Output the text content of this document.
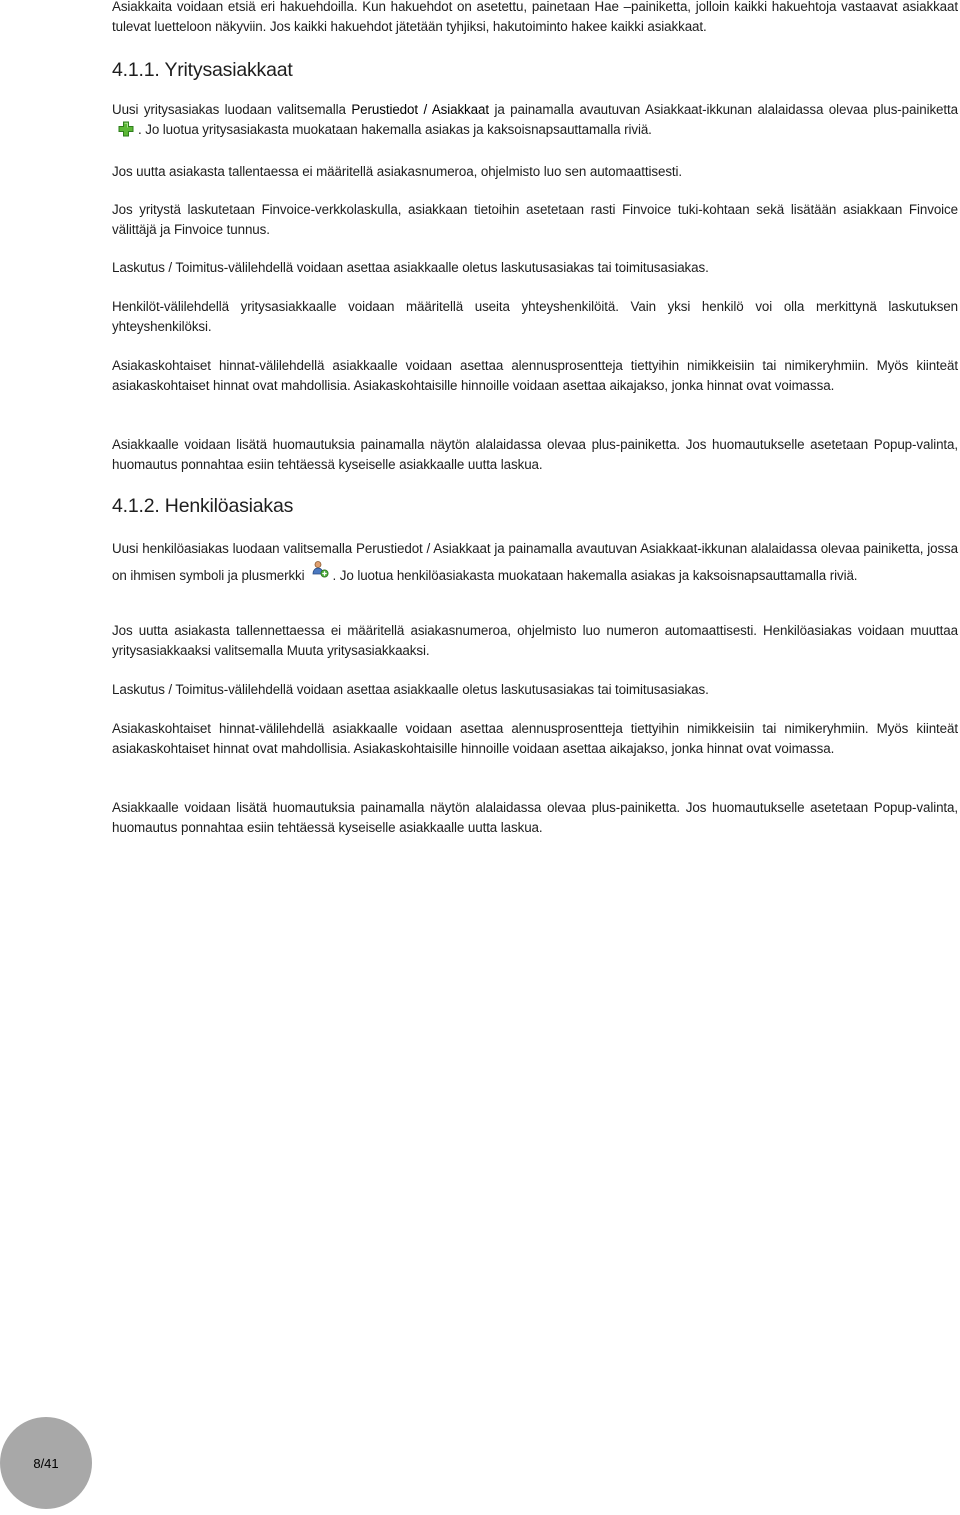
Asiakkaita voidaan etsiä eri hakuehdoilla. Kun hakuehdot on asetettu, painetaan Hae –painiketta, jolloin kaikki hakuehtoja vastaavat asiakkaat tulevat luetteloon näkyviin. Jos kaikki hakuehdot jätetään tyhjiksi, hakutoiminto hakee kaikki asiakkaat.

4.1.1. Yritysasiakkaat

Uusi yritysasiakas luodaan valitsemalla Perustiedot / Asiakkaat ja painamalla avautuvan Asiakkaat-ikkunan alalaidassa olevaa plus-painiketta. Jo luotua yritysasiakasta muokataan hakemalla asiakas ja kaksoisnapsauttamalla riviä.

Jos uutta asiakasta tallentaessa ei määritellä asiakasnumeroa, ohjelmisto luo sen automaattisesti.

Jos yritystä laskutetaan Finvoice-verkkolaskulla, asiakkaan tietoihin asetetaan rasti Finvoice tuki-kohtaan sekä lisätään asiakkaan Finvoice välittäjä ja Finvoice tunnus.

Laskutus / Toimitus-välilehdellä voidaan asettaa asiakkaalle oletus laskutusasiakas tai toimitusasiakas.

Henkilöt-välilehdellä yritysasiakkaalle voidaan määritellä useita yhteyshenkilöitä. Vain yksi henkilö voi olla merkittynä laskutuksen yhteyshenkilöksi.

Asiakaskohtaiset hinnat-välilehdellä asiakkaalle voidaan asettaa alennusprosentteja tiettyihin nimikkeisiin tai nimikeryhmiin. Myös kiinteät asiakaskohtaiset hinnat ovat mahdollisia. Asiakaskohtaisille hinnoille voidaan asettaa aikajakso, jonka hinnat ovat voimassa.

Asiakkaalle voidaan lisätä huomautuksia painamalla näytön alalaidassa olevaa plus-painiketta. Jos huomautukselle asetetaan Popup-valinta, huomautus ponnahtaa esiin tehtäessä kyseiselle asiakkaalle uutta laskua.

4.1.2. Henkilöasiakas

Uusi henkilöasiakas luodaan valitsemalla Perustiedot / Asiakkaat ja painamalla avautuvan Asiakkaat-ikkunan alalaidassa olevaa painiketta, jossa on ihmisen symboli ja plusmerkki . Jo luotua henkilöasiakasta muokataan hakemalla asiakas ja kaksoisnapsauttamalla riviä.

Jos uutta asiakasta tallennettaessa ei määritellä asiakasnumeroa, ohjelmisto luo numeron automaattisesti. Henkilöasiakas voidaan muuttaa yritysasiakkaaksi valitsemalla Muuta yritysasiakkaaksi.

Laskutus / Toimitus-välilehdellä voidaan asettaa asiakkaalle oletus laskutusasiakas tai toimitusasiakas.

Asiakaskohtaiset hinnat-välilehdellä asiakkaalle voidaan asettaa alennusprosentteja tiettyihin nimikkeisiin tai nimikeryhmiin. Myös kiinteät asiakaskohtaiset hinnat ovat mahdollisia. Asiakaskohtaisille hinnoille voidaan asettaa aikajakso, jonka hinnat ovat voimassa.

Asiakkaalle voidaan lisätä huomautuksia painamalla näytön alalaidassa olevaa plus-painiketta. Jos huomautukselle asetetaan Popup-valinta, huomautus ponnahtaa esiin tehtäessä kyseiselle asiakkaalle uutta laskua.

8/41
